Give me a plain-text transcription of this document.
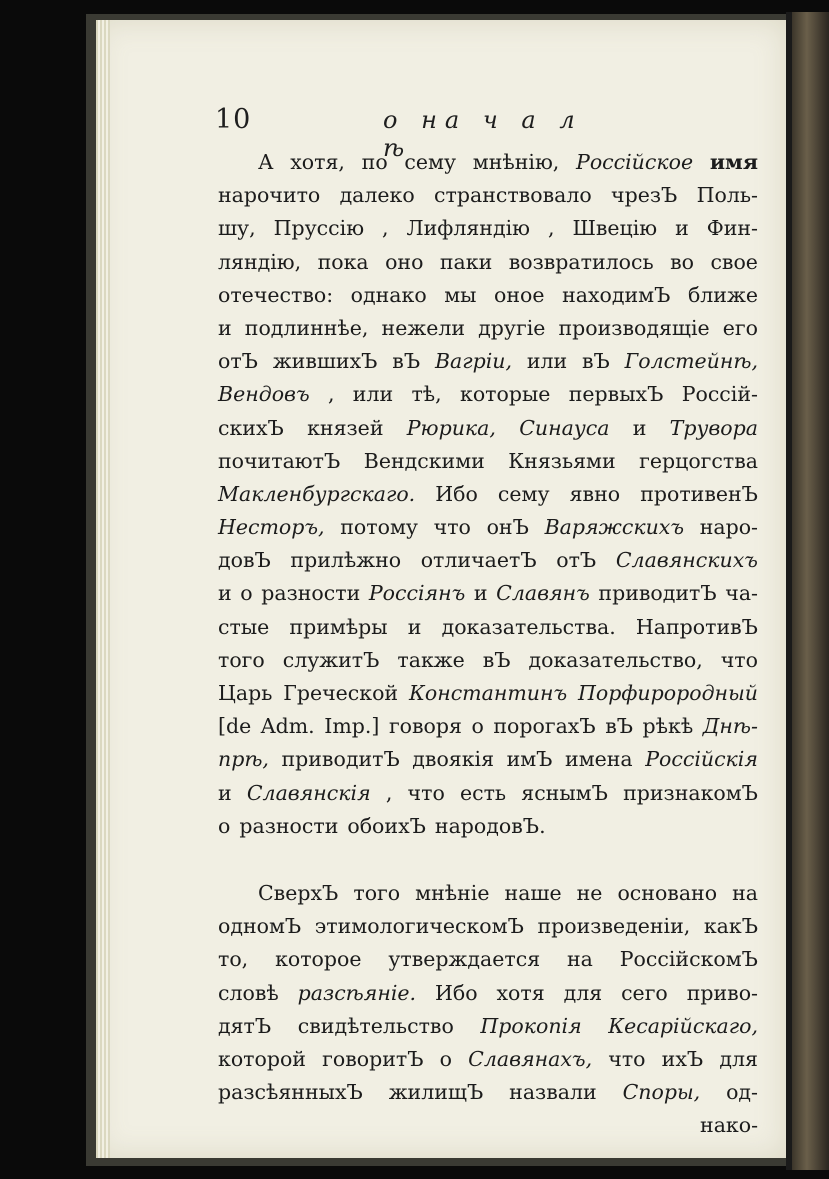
10	о на ч а л ѣ
А хотя, по сему мнѣнію, Россійское имя
нарочито далеко странствовало чрезЪ Поль-
шу, Пруссію , Лифляндію , Швецію и Фин-
ляндію, пока оно паки возвратилось во свое
отечество: однако мы оное находимЪ ближе
и подлиннѣе, нежели другіе производящіе его
отЪ жившихЪ вЪ Вагріи, или вЪ Голстейнѣ,
Вендовъ , или тѣ, которые первыхЪ Россій-
скихЪ князей Рюрика, Синауса и Трувора
почитаютЪ Вендскими Князьями герцогства
Макленбургскаго. Ибо сему явно противенЪ
Несторъ, потому что онЪ Варяжскихъ наро-
довЪ прилѣжно отличаетЪ отЪ Славянскихъ
и о разности Россіянъ и Славянъ приводитЪ ча-
стые примѣры и доказательства. НапротивЪ
того служитЪ также вЪ доказательство, что
Царь Греческой Константинъ Порфирородный
[de Adm. Imp.] говоря о порогахЪ вЪ рѣкѣ Днѣ-
прѣ, приводитЪ двоякія имЪ имена Россійскія
и Славянскія , что есть яснымЪ признакомЪ
о разности обоихЪ народовЪ.
СверхЪ того мнѣніе наше не основано на
одномЪ этимологическомЪ произведеніи, какЪ
то, которое утверждается на РоссійскомЪ
словѣ разсѣяніе. Ибо хотя для сего приво-
дятЪ свидѣтельство Прокопія Кесарійскаго,
которой говоритЪ о Славянахъ, что ихЪ для
разсѣянныхЪ жилищЪ назвали Споры, од-
нако-
